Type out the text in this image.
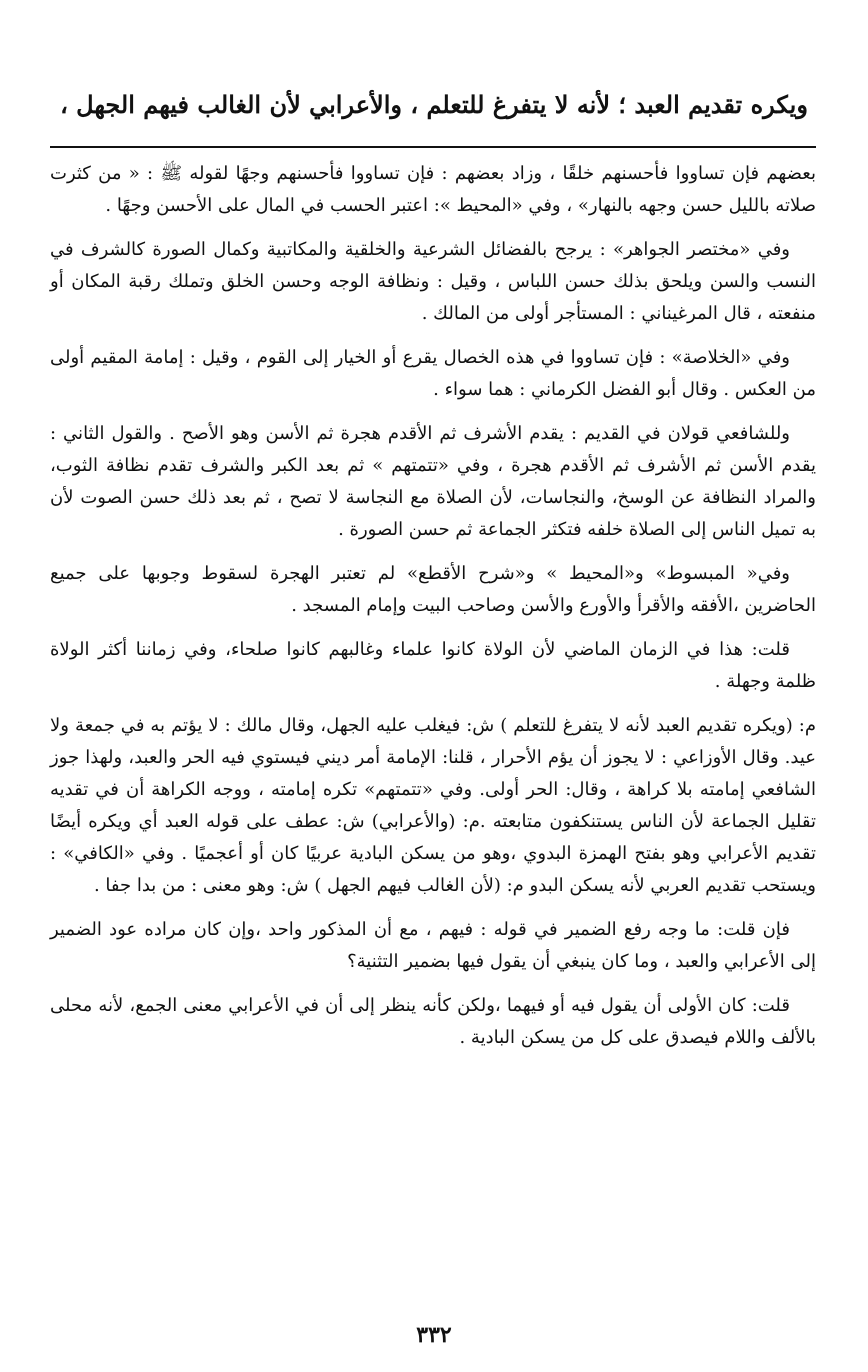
ويكره تقديم العبد ؛ لأنه لا يتفرغ للتعلم ، والأعرابي لأن الغالب فيهم الجهل ،

بعضهم فإن تساووا فأحسنهم خلقًا ، وزاد بعضهم : فإن تساووا فأحسنهم وجهًا لقوله ﷺ : « من كثرت صلاته بالليل حسن وجهه بالنهار» ، وفي «المحيط »: اعتبر الحسب في المال على الأحسن وجهًا .

وفي «مختصر الجواهر» : يرجح بالفضائل الشرعية والخلقية والمكاتبية وكمال الصورة كالشرف في النسب والسن ويلحق بذلك حسن اللباس ، وقيل : ونظافة الوجه وحسن الخلق وتملك رقبة المكان أو منفعته ، قال المرغيناني : المستأجر أولى من المالك .

وفي «الخلاصة» : فإن تساووا في هذه الخصال يقرع أو الخيار إلى القوم ، وقيل : إمامة المقيم أولى من العكس . وقال أبو الفضل الكرماني : هما سواء .

وللشافعي قولان في القديم : يقدم الأشرف ثم الأقدم هجرة ثم الأسن وهو الأصح . والقول الثاني : يقدم الأسن ثم الأشرف ثم الأقدم هجرة ، وفي «تتمتهم » ثم بعد الكبر والشرف تقدم نظافة الثوب، والمراد النظافة عن الوسخ، والنجاسات، لأن الصلاة مع النجاسة لا تصح ، ثم بعد ذلك حسن الصوت لأن به تميل الناس إلى الصلاة خلفه فتكثر الجماعة ثم حسن الصورة .

وفي« المبسوط» و«المحيط » و«شرح الأقطع» لم تعتبر الهجرة لسقوط وجوبها على جميع الحاضرين ،الأفقه والأقرأ والأورع والأسن وصاحب البيت وإمام المسجد .

قلت: هذا في الزمان الماضي لأن الولاة كانوا علماء وغالبهم كانوا صلحاء، وفي زماننا أكثر الولاة ظلمة وجهلة .

م: (ويكره تقديم العبد لأنه لا يتفرغ للتعلم ) ش: فيغلب عليه الجهل، وقال مالك : لا يؤتم به في جمعة ولا عيد. وقال الأوزاعي : لا يجوز أن يؤم الأحرار ، قلنا: الإمامة أمر ديني فيستوي فيه الحر والعبد، ولهذا جوز الشافعي إمامته بلا كراهة ، وقال: الحر أولى. وفي «تتمتهم» تكره إمامته ، ووجه الكراهة أن في تقديه تقليل الجماعة لأن الناس يستنكفون متابعته .م: (والأعرابي) ش: عطف على قوله العبد أي ويكره أيضًا تقديم الأعرابي وهو بفتح الهمزة البدوي ،وهو من يسكن البادية عربيًا كان أو أعجميًا . وفي «الكافي» : ويستحب تقديم العربي لأنه يسكن البدو م: (لأن الغالب فيهم الجهل ) ش: وهو معنى : من بدا جفا .

فإن قلت: ما وجه رفع الضمير في قوله : فيهم ، مع أن المذكور واحد ،وإن كان مراده عود الضمير إلى الأعرابي والعبد ، وما كان ينبغي أن يقول فيها بضمير التثنية؟

قلت: كان الأولى أن يقول فيه أو فيهما ،ولكن كأنه ينظر إلى أن في الأعرابي معنى الجمع، لأنه محلى بالألف واللام فيصدق على كل من يسكن البادية .

٣٣٢
